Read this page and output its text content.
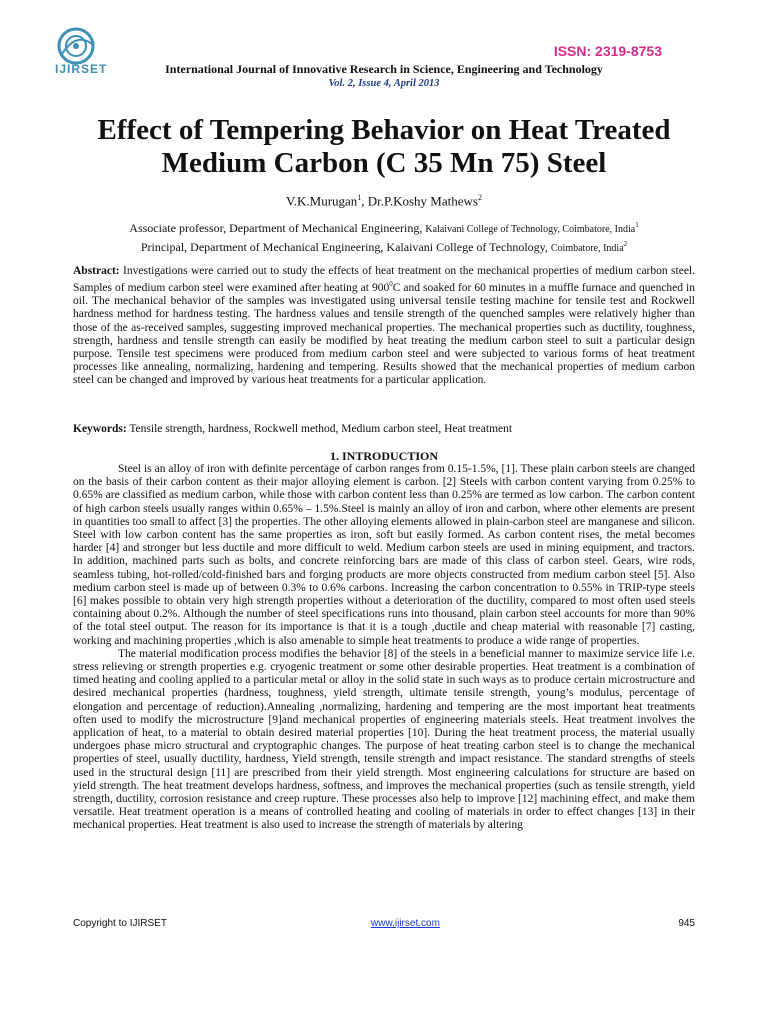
IJIRSET
ISSN: 2319-8753
International Journal of Innovative Research in Science, Engineering and Technology
Vol. 2, Issue 4, April 2013
Effect of Tempering Behavior on Heat Treated
Medium Carbon (C 35 Mn 75) Steel
V.K.Murugan$^1$, Dr.P.Koshy Mathews$^2$
Associate professor, Department of Mechanical Engineering, Kalaivani College of Technology, Coimbatore, India$^1$
Principal, Department of Mechanical Engineering, Kalaivani College of Technology, Coimbatore, India$^2$
Abstract: Investigations were carried out to study the effects of heat treatment on the mechanical properties of medium carbon steel. Samples of medium carbon steel were examined after heating at $900^0C$ and soaked for 60 minutes in a muffle furnace and quenched in oil. The mechanical behavior of the samples was investigated using universal tensile testing machine for tensile test and Rockwell hardness method for hardness testing. The hardness values and tensile strength of the quenched samples were relatively higher than those of the as-received samples, suggesting improved mechanical properties. The mechanical properties such as ductility, toughness, strength, hardness and tensile strength can easily be modified by heat treating the medium carbon steel to suit a particular design purpose. Tensile test specimens were produced from medium carbon steel and were subjected to various forms of heat treatment processes like annealing, normalizing, hardening and tempering. Results showed that the mechanical properties of medium carbon steel can be changed and improved by various heat treatments for a particular application.
Keywords: Tensile strength, hardness, Rockwell method, Medium carbon steel, Heat treatment
1. INTRODUCTION

Steel is an alloy of iron with definite percentage of carbon ranges from 0.15-1.5%, [1]. These plain carbon steels are changed on the basis of their carbon content as their major alloying element is carbon. [2] Steels with carbon content varying from 0.25% to 0.65% are classified as medium carbon, while those with carbon content less than 0.25% are termed as low carbon. The carbon content of high carbon steels usually ranges within 0.65% – 1.5%.Steel is mainly an alloy of iron and carbon, where other elements are present in quantities too small to affect [3] the properties. The other alloying elements allowed in plain-carbon steel are manganese and silicon. Steel with low carbon content has the same properties as iron, soft but easily formed. As carbon content rises, the metal becomes harder [4] and stronger but less ductile and more difficult to weld. Medium carbon steels are used in mining equipment, and tractors. In addition, machined parts such as bolts, and concrete reinforcing bars are made of this class of carbon steel. Gears, wire rods, seamless tubing, hot-rolled/cold-finished bars and forging products are more objects constructed from medium carbon steel [5]. Also medium carbon steel is made up of between 0.3% to 0.6% carbons. Increasing the carbon concentration to 0.55% in TRIP-type steels [6] makes possible to obtain very high strength properties without a deterioration of the ductility, compared to most often used steels containing about 0.2%. Although the number of steel specifications runs into thousand, plain carbon steel accounts for more than 90% of the total steel output. The reason for its importance is that it is a tough ,ductile and cheap material with reasonable [7] casting, working and machining properties ,which is also amenable to simple heat treatments to produce a wide range of properties.

The material modification process modifies the behavior [8] of the steels in a beneficial manner to maximize service life i.e. stress relieving or strength properties e.g. cryogenic treatment or some other desirable properties. Heat treatment is a combination of timed heating and cooling applied to a particular metal or alloy in the solid state in such ways as to produce certain microstructure and desired mechanical properties (hardness, toughness, yield strength, ultimate tensile strength, young’s modulus, percentage of elongation and percentage of reduction).Annealing ,normalizing, hardening and tempering are the most important heat treatments often used to modify the microstructure [9]and mechanical properties of engineering materials steels. Heat treatment involves the application of heat, to a material to obtain desired material properties [10]. During the heat treatment process, the material usually undergoes phase micro structural and cryptographic changes. The purpose of heat treating carbon steel is to change the mechanical properties of steel, usually ductility, hardness, Yield strength, tensile strength and impact resistance. The standard strengths of steels used in the structural design [11] are prescribed from their yield strength. Most engineering calculations for structure are based on yield strength. The heat treatment develops hardness, softness, and improves the mechanical properties (such as tensile strength, yield strength, ductility, corrosion resistance and creep rupture. These processes also help to improve [12] machining effect, and make them versatile. Heat treatment operation is a means of controlled heating and cooling of materials in order to effect changes [13] in their mechanical properties. Heat treatment is also used to increase the strength of materials by altering

Copyright to IJIRSET	www.ijirset.com	945
